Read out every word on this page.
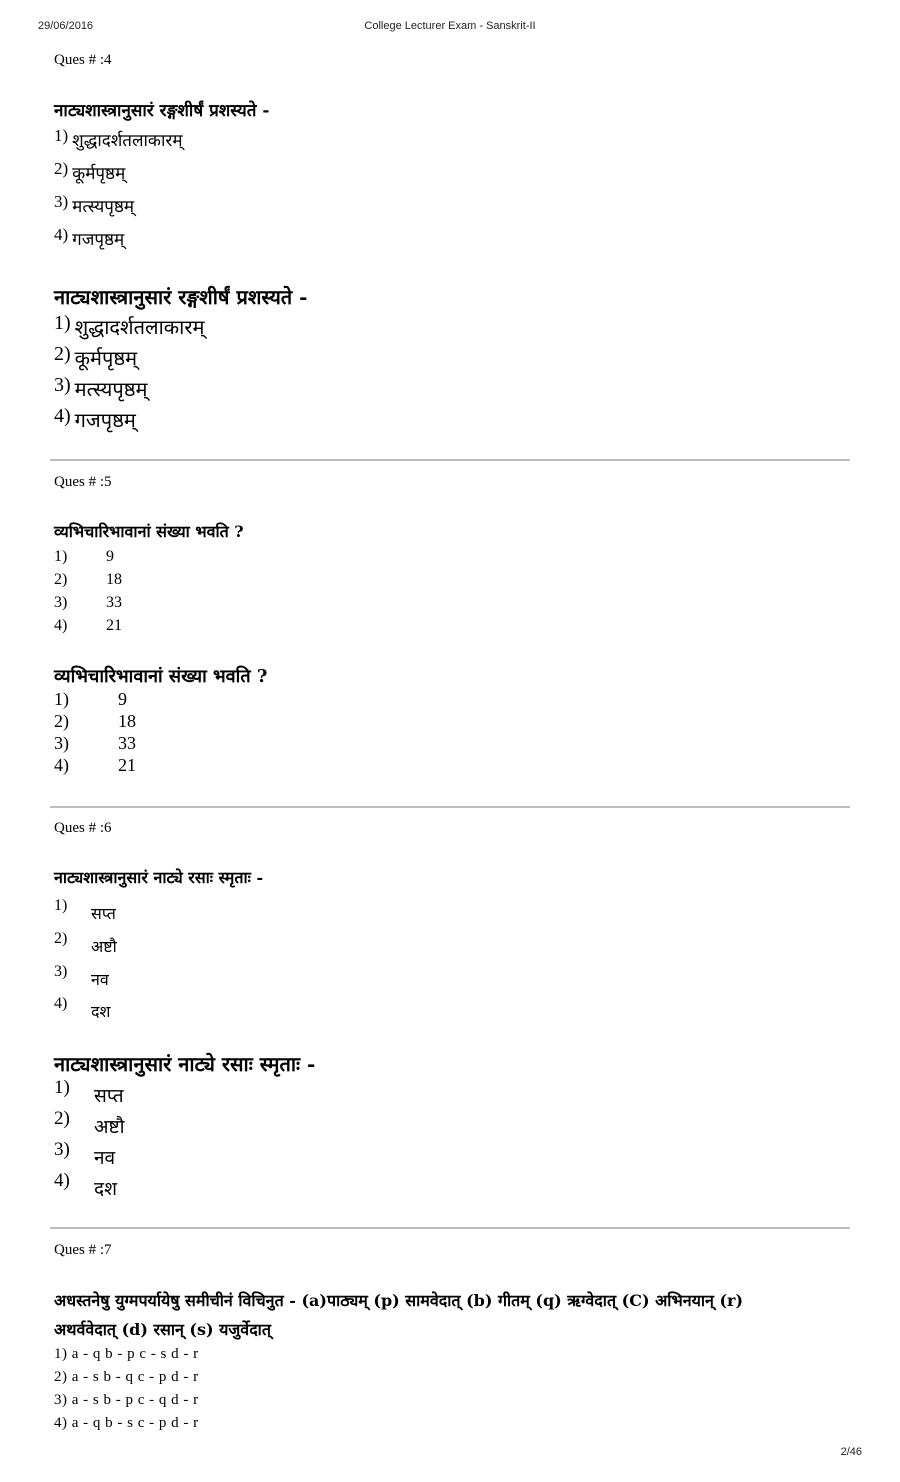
29/06/2016	College Lecturer Exam - Sanskrit-II
Ques # :4
नाट्यशास्त्रानुसारं रङ्गशीर्षं प्रशस्यते -
1) शुद्धादर्शतलाकारम्
2) कूर्मपृष्ठम्
3) मत्स्यपृष्ठम्
4) गजपृष्ठम्
नाट्यशास्त्रानुसारं रङ्गशीर्षं प्रशस्यते -
1) शुद्धादर्शतलाकारम्
2) कूर्मपृष्ठम्
3) मत्स्यपृष्ठम्
4) गजपृष्ठम्
Ques # :5
व्यभिचारिभावानां संख्या भवति ?
1) 9
2) 18
3) 33
4) 21
व्यभिचारिभावानां संख्या भवति ?
1)	9
2)	18
3)	33
4)	21
Ques # :6
नाट्यशास्त्रानुसारं नाट्ये रसाः स्मृताः -
1) सप्त
2) अष्टौ
3) नव
4) दश
नाट्यशास्त्रानुसारं नाट्ये रसाः स्मृताः -
1) सप्त
2) अष्टौ
3) नव
4) दश
Ques # :7
अधस्तनेषु युग्मपर्यायेषु समीचीनं विचिनुत - (a)पाठ्यम् (p) सामवेदात् (b) गीतम् (q) ऋग्वेदात् (C) अभिनयान् (r)
अथर्ववेदात् (d) रसान् (s) यजुर्वेदात्
1) a - q b - p c - s d - r
2) a - s b - q c - p d - r
3) a - s b - p c - q d - r
4) a - q b - s c - p d - r
2/46
